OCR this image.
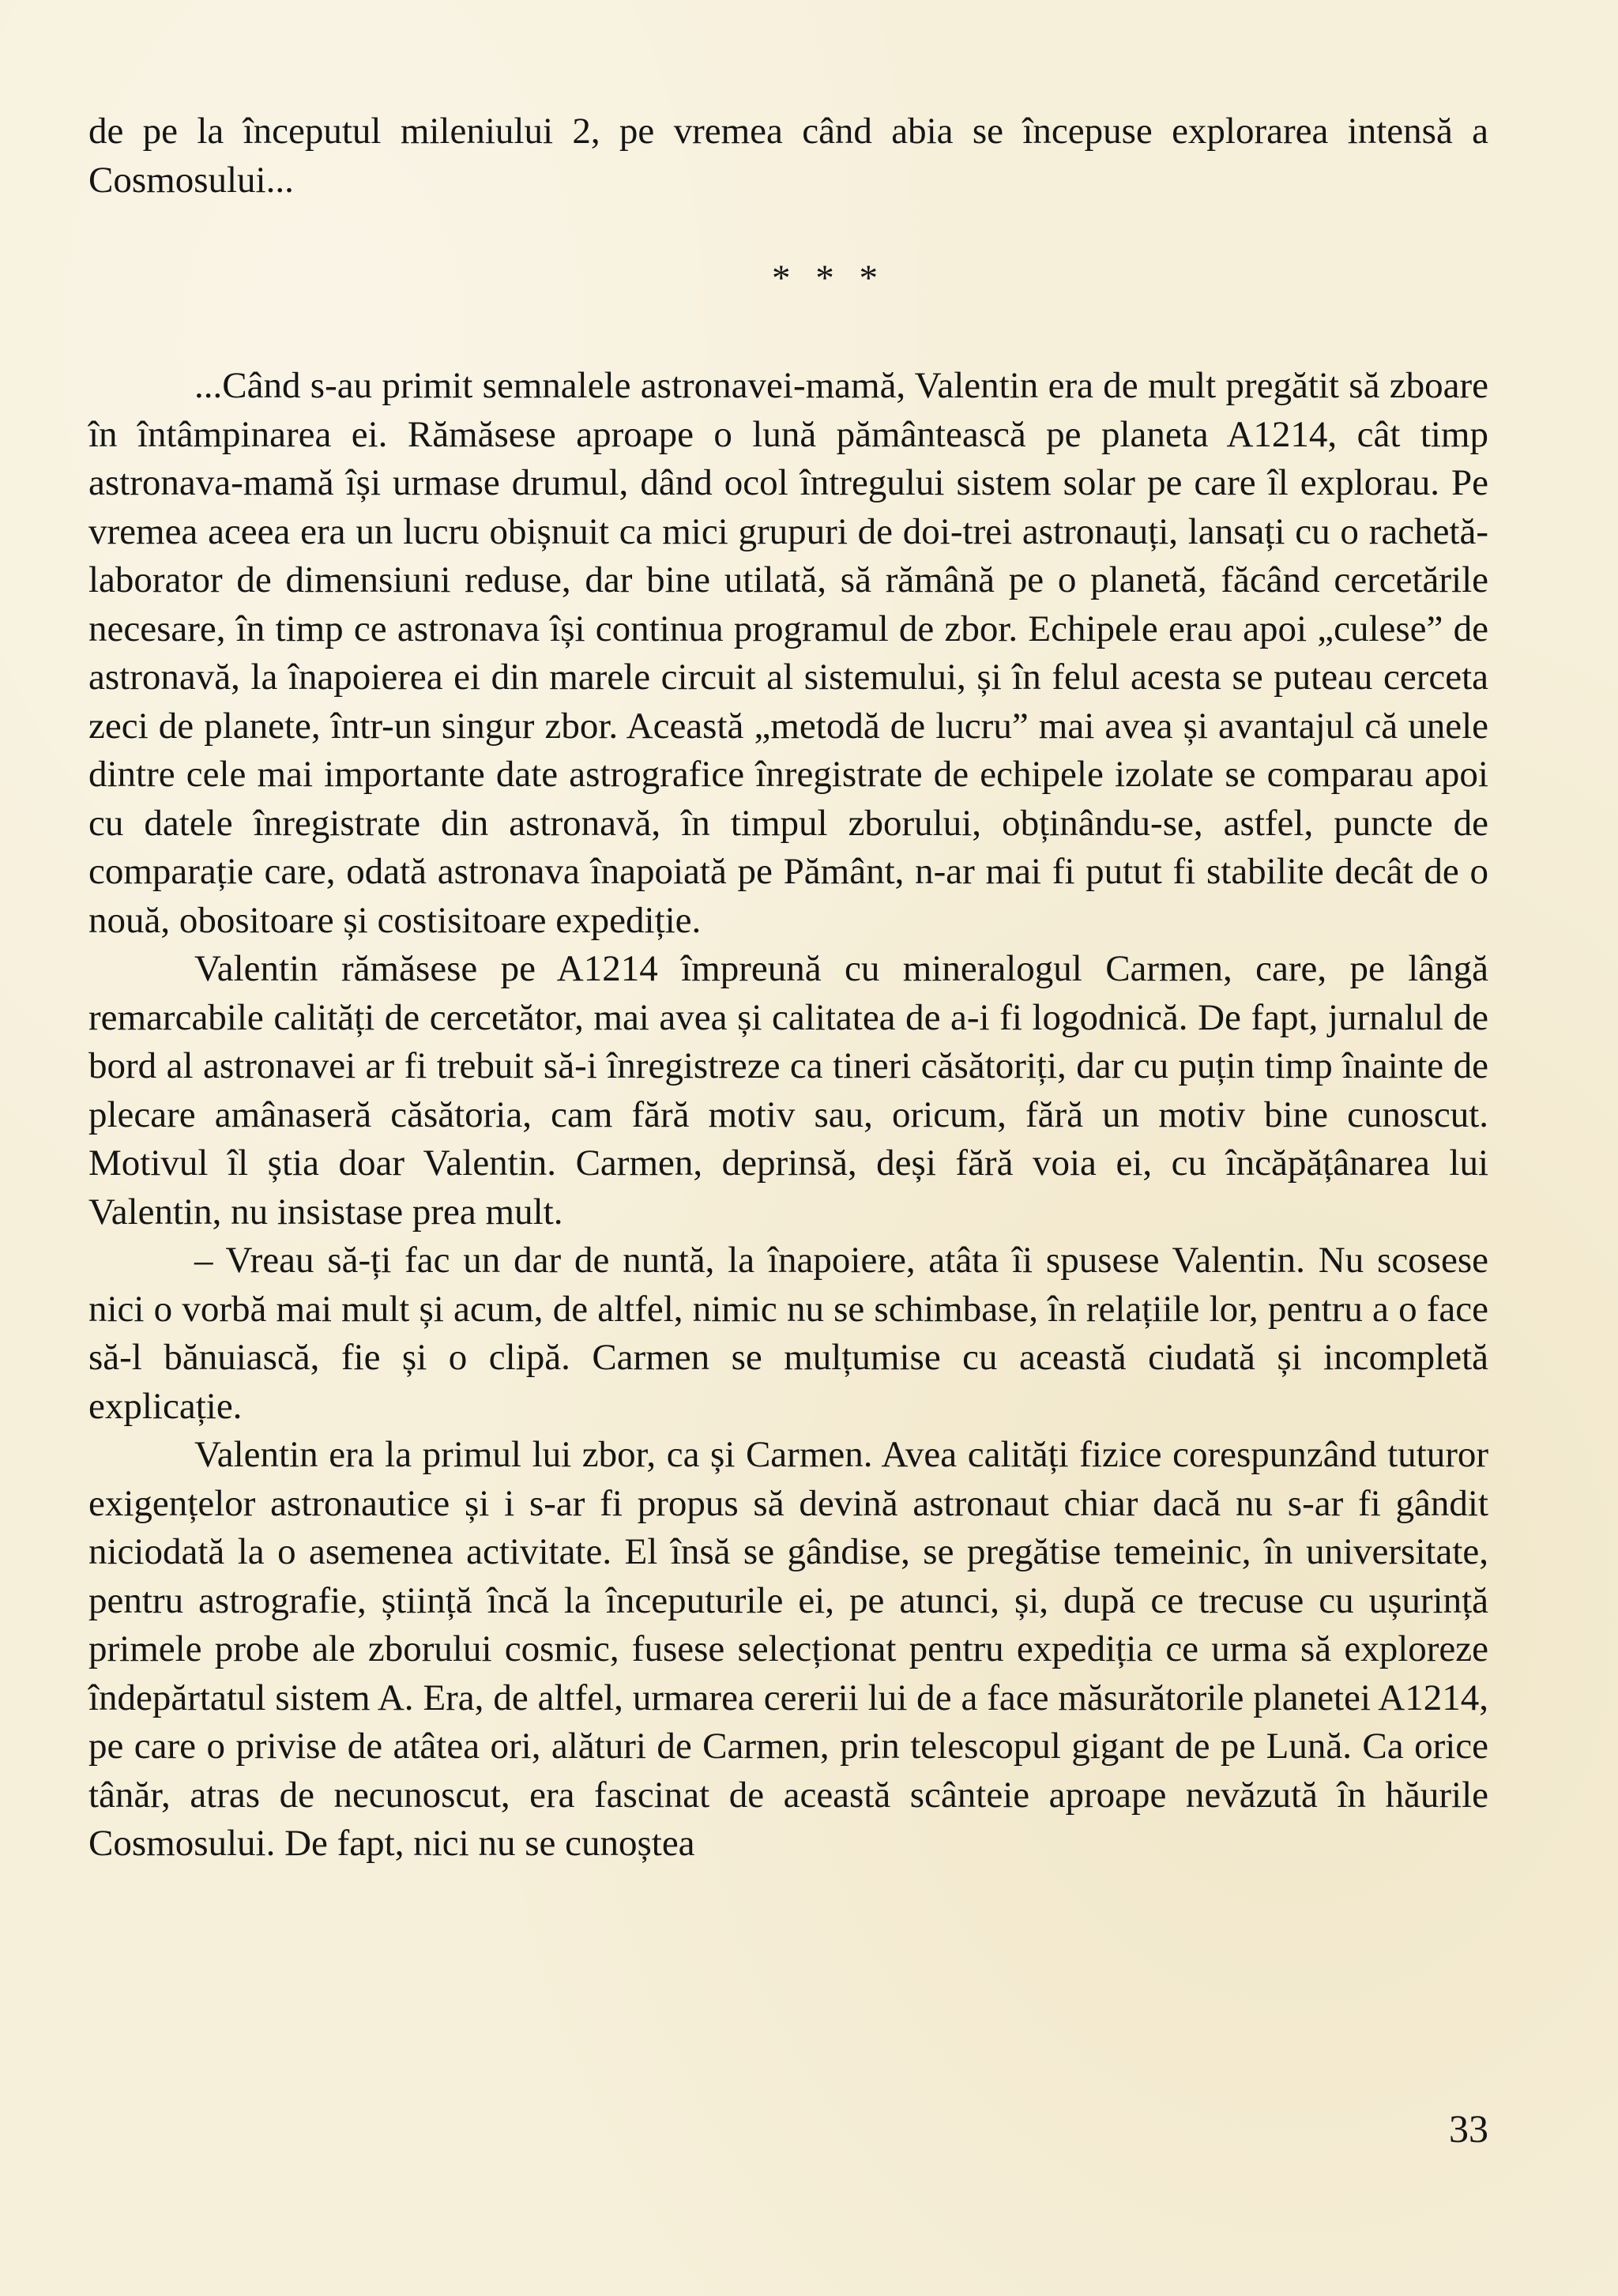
de pe la începutul mileniului 2, pe vremea când abia se începuse explorarea intensă a Cosmosului...

* * *

...Când s-au primit semnalele astronavei-mamă, Valentin era de mult pregătit să zboare în întâmpinarea ei. Rămăsese aproape o lună pământească pe planeta A1214, cât timp astronava-mamă își urmase drumul, dând ocol întregului sistem solar pe care îl explorau. Pe vremea aceea era un lucru obișnuit ca mici grupuri de doi-trei astronauți, lansați cu o rachetă-laborator de dimensiuni reduse, dar bine utilată, să rămână pe o planetă, făcând cercetările necesare, în timp ce astronava își continua programul de zbor. Echipele erau apoi „culese” de astronavă, la înapoierea ei din marele circuit al sistemului, și în felul acesta se puteau cerceta zeci de planete, într-un singur zbor. Această „metodă de lucru” mai avea și avantajul că unele dintre cele mai importante date astrografice înregistrate de echipele izolate se comparau apoi cu datele înregistrate din astronavă, în timpul zborului, obținându-se, astfel, puncte de comparație care, odată astronava înapoiată pe Pământ, n-ar mai fi putut fi stabilite decât de o nouă, obositoare și costisitoare expediție.

Valentin rămăsese pe A1214 împreună cu mineralogul Carmen, care, pe lângă remarcabile calități de cercetător, mai avea și calitatea de a-i fi logodnică. De fapt, jurnalul de bord al astronavei ar fi trebuit să-i înregistreze ca tineri căsătoriți, dar cu puțin timp înainte de plecare amânaseră căsătoria, cam fără motiv sau, oricum, fără un motiv bine cunoscut. Motivul îl știa doar Valentin. Carmen, deprinsă, deși fără voia ei, cu încăpățânarea lui Valentin, nu insistase prea mult.

– Vreau să-ți fac un dar de nuntă, la înapoiere, atâta îi spusese Valentin. Nu scosese nici o vorbă mai mult și acum, de altfel, nimic nu se schimbase, în relațiile lor, pentru a o face să-l bănuiască, fie și o clipă. Carmen se mulțumise cu această ciudată și incompletă explicație.

Valentin era la primul lui zbor, ca și Carmen. Avea calități fizice corespunzând tuturor exigențelor astronautice și i s-ar fi propus să devină astronaut chiar dacă nu s-ar fi gândit niciodată la o asemenea activitate. El însă se gândise, se pregătise temeinic, în universitate, pentru astrografie, știință încă la începuturile ei, pe atunci, și, după ce trecuse cu ușurință primele probe ale zborului cosmic, fusese selecționat pentru expediția ce urma să exploreze îndepărtatul sistem A. Era, de altfel, urmarea cererii lui de a face măsurătorile planetei A1214, pe care o privise de atâtea ori, alături de Carmen, prin telescopul gigant de pe Lună. Ca orice tânăr, atras de necunoscut, era fascinat de această scânteie aproape nevăzută în hăurile Cosmosului. De fapt, nici nu se cunoștea

33
